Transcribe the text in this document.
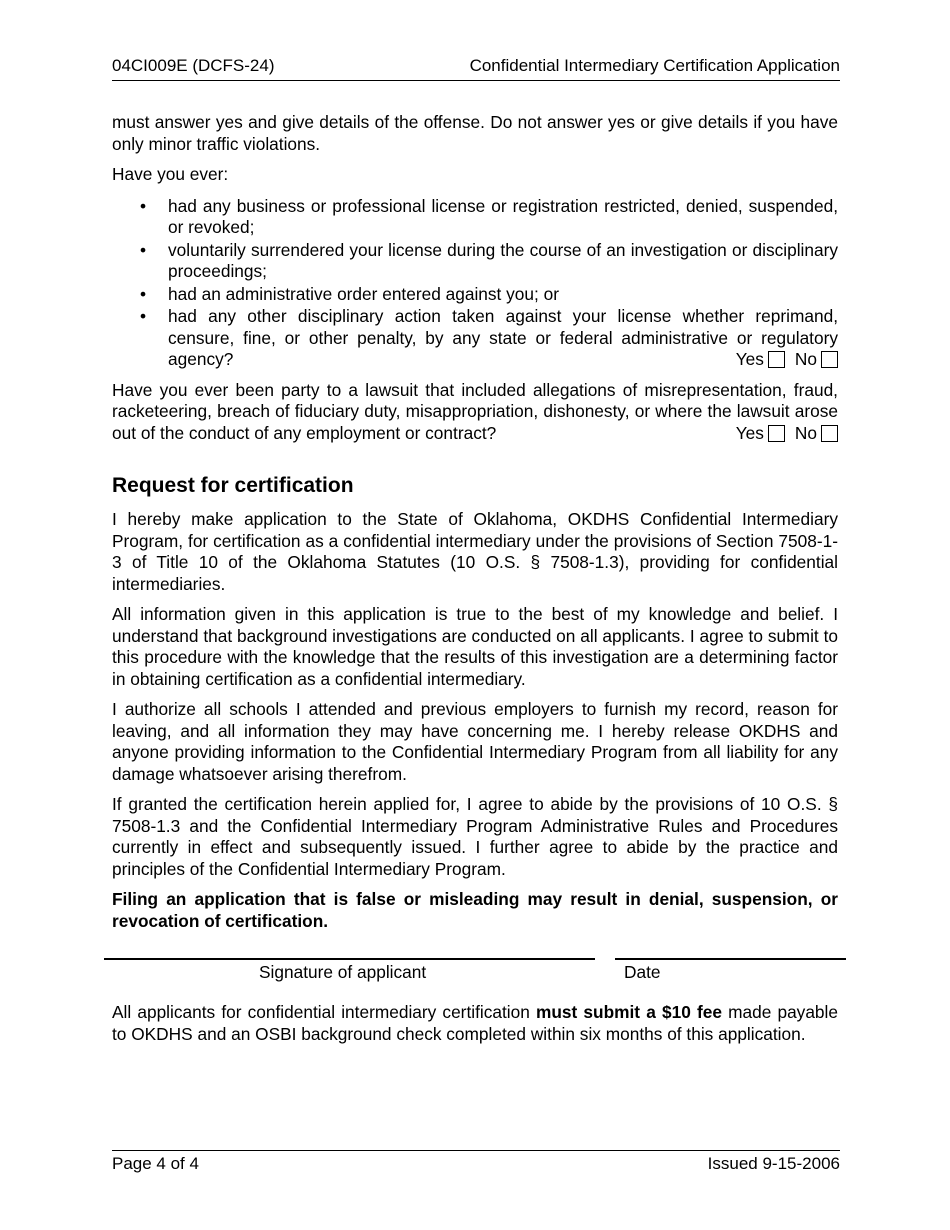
04CI009E (DCFS-24)	Confidential Intermediary Certification Application

must answer yes and give details of the offense. Do not answer yes or give details if you have only minor traffic violations.

Have you ever:

• had any business or professional license or registration restricted, denied, suspended, or revoked;
• voluntarily surrendered your license during the course of an investigation or disciplinary proceedings;
• had an administrative order entered against you; or
• had any other disciplinary action taken against your license whether reprimand, censure, fine, or other penalty, by any state or federal administrative or regulatory agency?	Yes No

Have you ever been party to a lawsuit that included allegations of misrepresentation, fraud, racketeering, breach of fiduciary duty, misappropriation, dishonesty, or where the lawsuit arose out of the conduct of any employment or contract?	Yes No

Request for certification

I hereby make application to the State of Oklahoma, OKDHS Confidential Intermediary Program, for certification as a confidential intermediary under the provisions of Section 7508-1-3 of Title 10 of the Oklahoma Statutes (10 O.S. § 7508-1.3), providing for confidential intermediaries.

All information given in this application is true to the best of my knowledge and belief. I understand that background investigations are conducted on all applicants. I agree to submit to this procedure with the knowledge that the results of this investigation are a determining factor in obtaining certification as a confidential intermediary.

I authorize all schools I attended and previous employers to furnish my record, reason for leaving, and all information they may have concerning me. I hereby release OKDHS and anyone providing information to the Confidential Intermediary Program from all liability for any damage whatsoever arising therefrom.

If granted the certification herein applied for, I agree to abide by the provisions of 10 O.S. § 7508-1.3 and the Confidential Intermediary Program Administrative Rules and Procedures currently in effect and subsequently issued. I further agree to abide by the practice and principles of the Confidential Intermediary Program.

Filing an application that is false or misleading may result in denial, suspension, or revocation of certification.

Signature of applicant	Date

All applicants for confidential intermediary certification must submit a $10 fee made payable to OKDHS and an OSBI background check completed within six months of this application.

Page 4 of 4	Issued 9-15-2006
